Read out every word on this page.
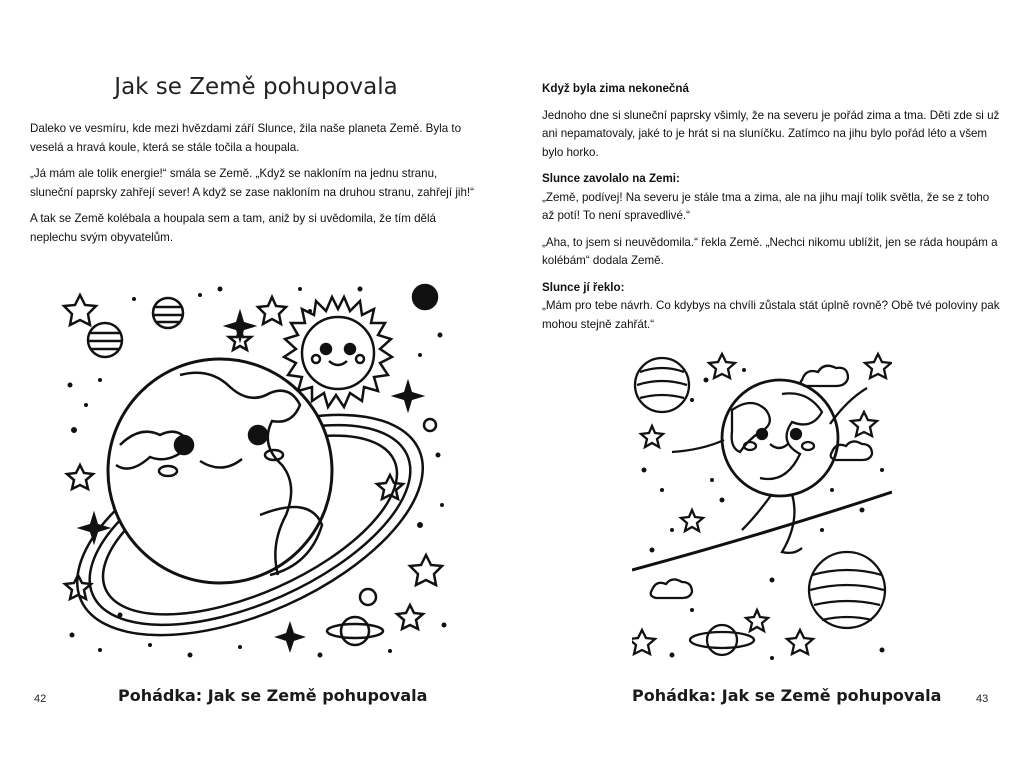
Jak se Země pohupovala

Daleko ve vesmíru, kde mezi hvězdami září Slunce, žila naše planeta Země. Byla to veselá a hravá koule, která se stále točila a houpala.

„Já mám ale tolik energie!“ smála se Země. „Když se nakloním na jednu stranu, sluneční paprsky zahřejí sever! A když se zase nakloním na druhou stranu, zahřejí jih!“

A tak se Země kolébala a houpala sem a tam, aniž by si uvědomila, že tím dělá neplechu svým obyvatelům.

42	Pohádka: Jak se Země pohupovala
Když byla zima nekonečná

Jednoho dne si sluneční paprsky všimly, že na severu je pořád zima a tma. Děti zde si už ani nepamatovaly, jaké to je hrát si na sluníčku. Zatímco na jihu bylo pořád léto a všem bylo horko.

Slunce zavolalo na Zemi:
„Země, podívej! Na severu je stále tma a zima, ale na jihu mají tolik světla, že se z toho až potí! To není spravedlivé.“

„Aha, to jsem si neuvědomila.“ řekla Země. „Nechci nikomu ublížit, jen se ráda houpám a kolébám“ dodala Země.

Slunce jí řeklo:
„Mám pro tebe návrh. Co kdybys na chvíli zůstala stát úplně rovně? Obě tvé poloviny pak mohou stejně zahřát.“

Pohádka: Jak se Země pohupovala	43
